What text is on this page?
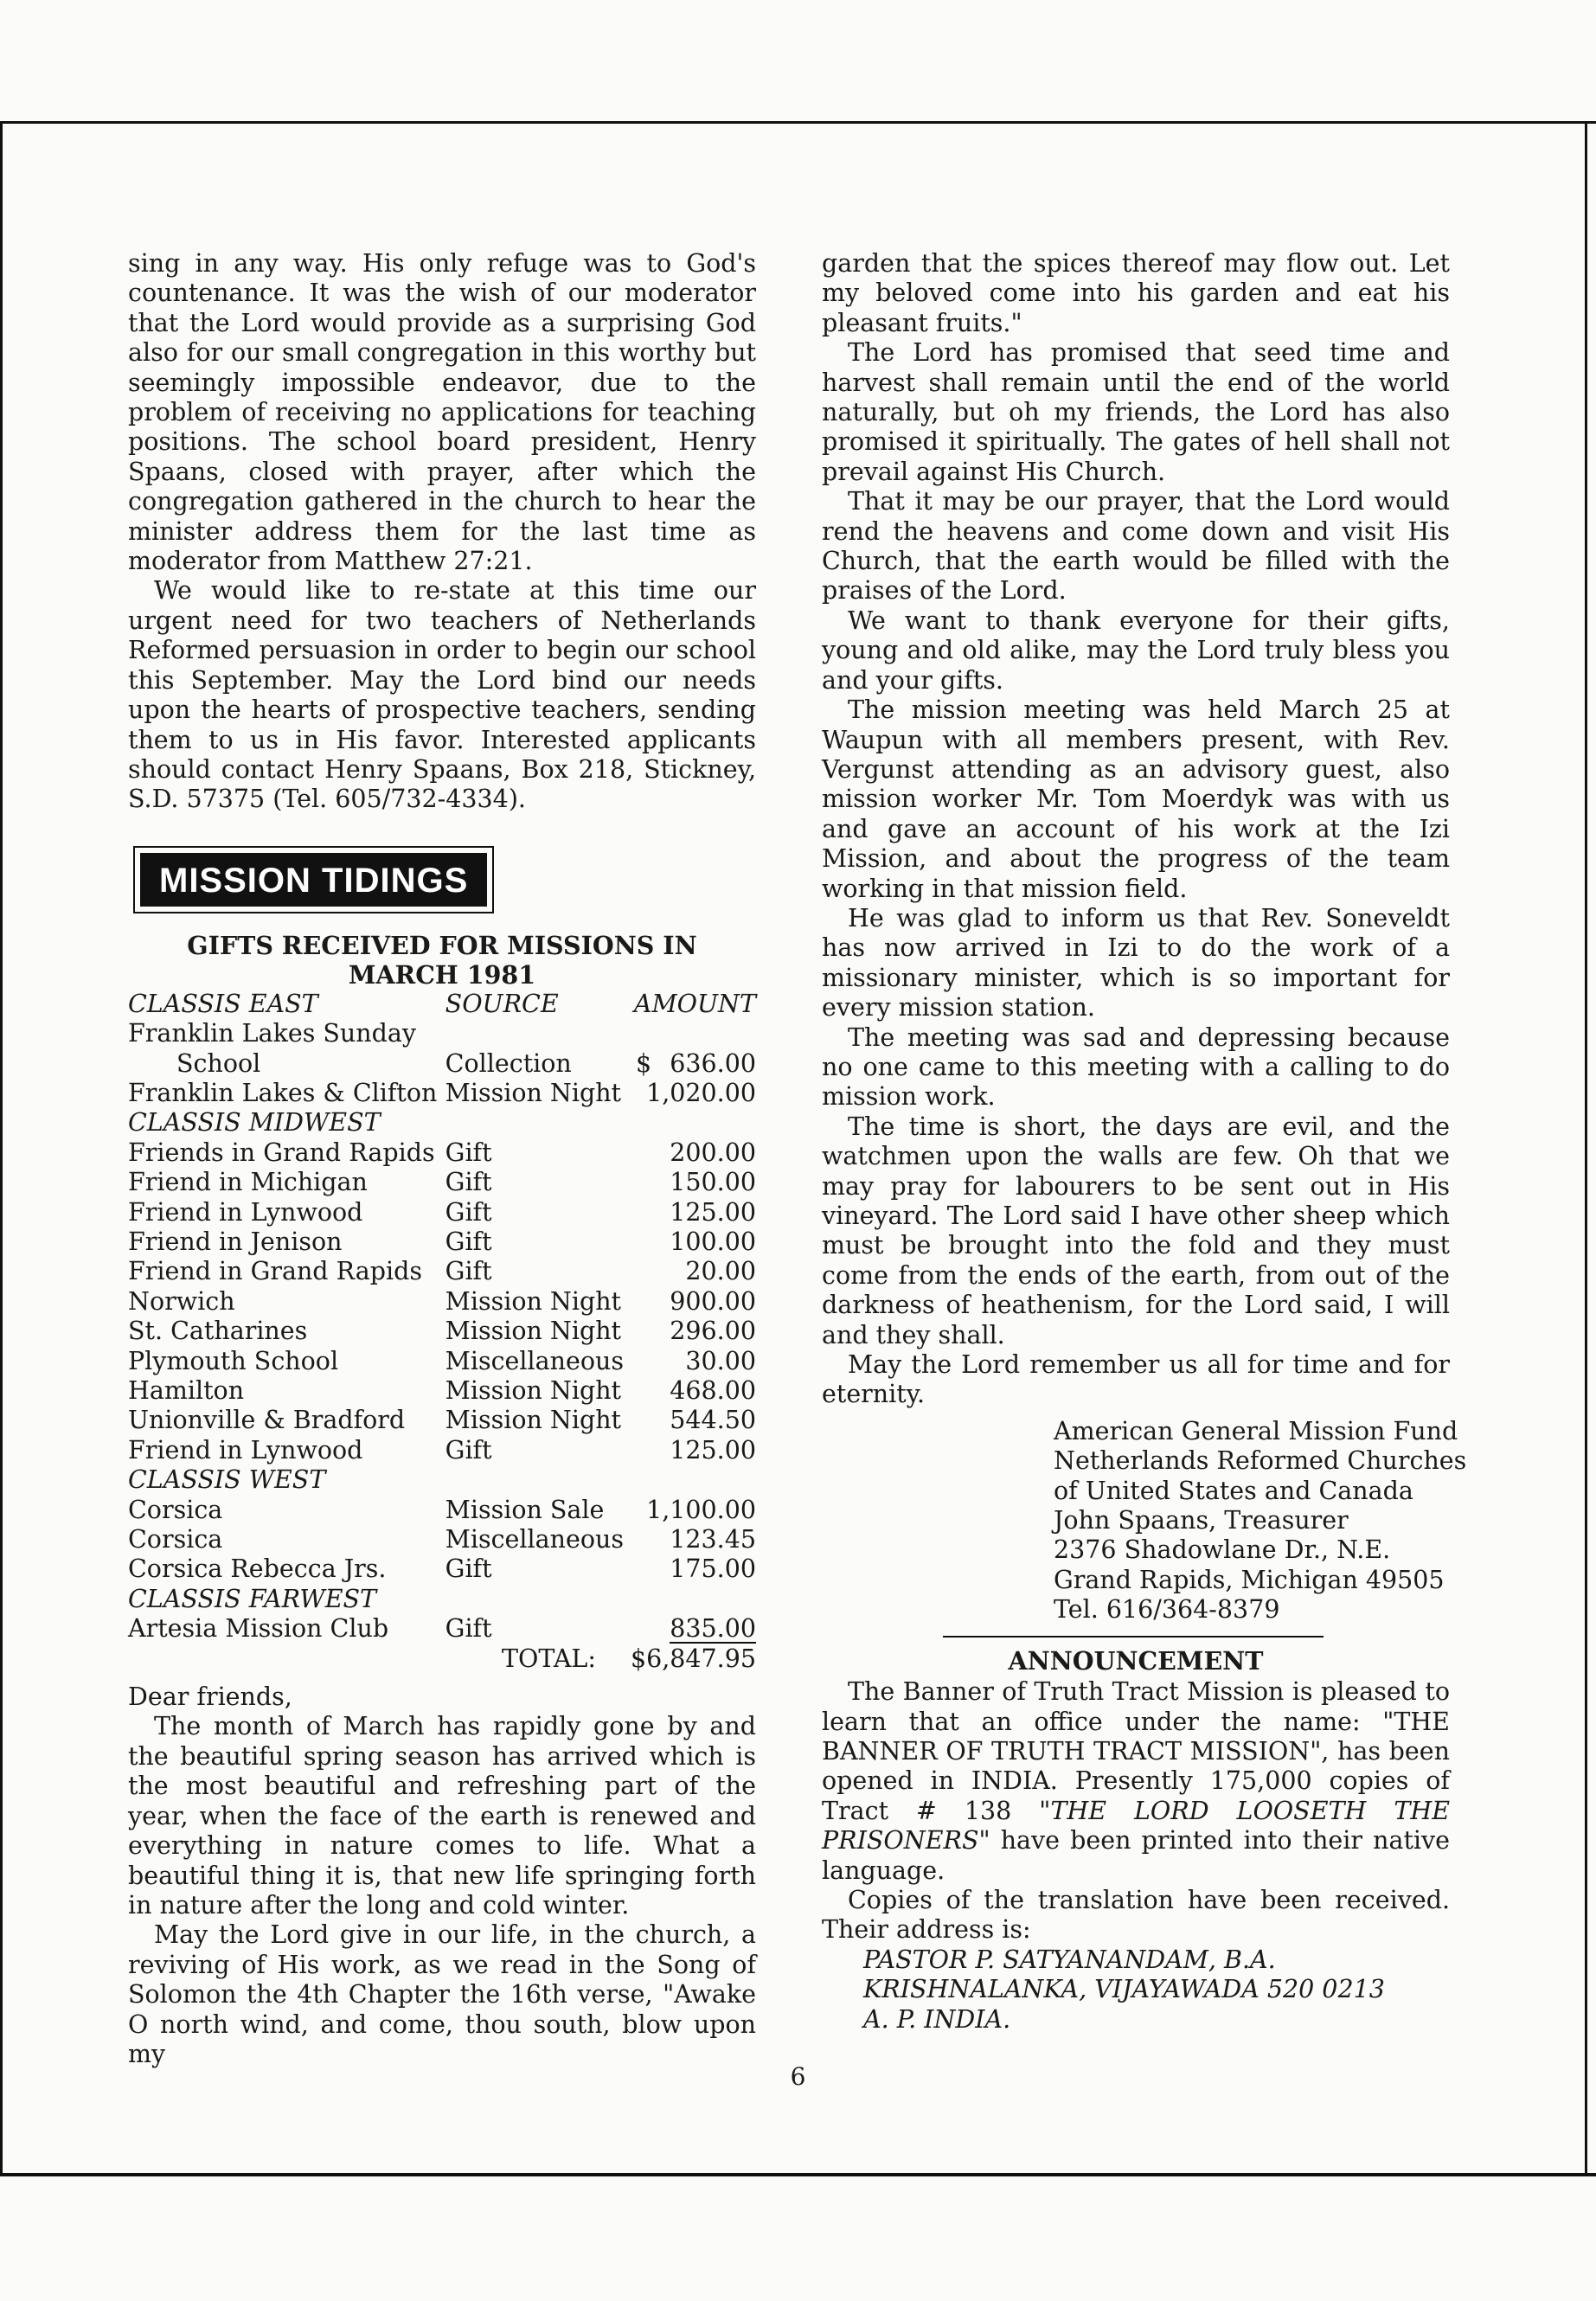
sing in any way. His only refuge was to God's countenance. It was the wish of our moderator that the Lord would provide as a surprising God also for our small congregation in this worthy but seemingly impossible endeavor, due to the problem of receiving no applications for teaching positions. The school board president, Henry Spaans, closed with prayer, after which the congregation gathered in the church to hear the minister address them for the last time as moderator from Matthew 27:21.

We would like to re-state at this time our urgent need for two teachers of Netherlands Reformed persuasion in order to begin our school this September. May the Lord bind our needs upon the hearts of prospective teachers, sending them to us in His favor. Interested applicants should contact Henry Spaans, Box 218, Stickney, S.D. 57375 (Tel. 605/732-4334).

MISSION TIDINGS
GIFTS RECEIVED FOR MISSIONS IN MARCH 1981
CLASSIS EAST	SOURCE	AMOUNT
Franklin Lakes Sunday		
School	Collection	$ 636.00
Franklin Lakes & Clifton	Mission Night	1,020.00
CLASSIS MIDWEST		
Friends in Grand Rapids	Gift	200.00
Friend in Michigan	Gift	150.00
Friend in Lynwood	Gift	125.00
Friend in Jenison	Gift	100.00
Friend in Grand Rapids	Gift	20.00
Norwich	Mission Night	900.00
St. Catharines	Mission Night	296.00
Plymouth School	Miscellaneous	30.00
Hamilton	Mission Night	468.00
Unionville & Bradford	Mission Night	544.50
Friend in Lynwood	Gift	125.00
CLASSIS WEST		
Corsica	Mission Sale	1,100.00
Corsica	Miscellaneous	123.45
Corsica Rebecca Jrs.	Gift	175.00
CLASSIS FARWEST		
Artesia Mission Club	Gift	835.00
	TOTAL:	$6,847.95

Dear friends,

The month of March has rapidly gone by and the beautiful spring season has arrived which is the most beautiful and refreshing part of the year, when the face of the earth is renewed and everything in nature comes to life. What a beautiful thing it is, that new life springing forth in nature after the long and cold winter.

May the Lord give in our life, in the church, a reviving of His work, as we read in the Song of Solomon the 4th Chapter the 16th verse, "Awake O north wind, and come, thou south, blow upon my

garden that the spices thereof may flow out. Let my beloved come into his garden and eat his pleasant fruits."

The Lord has promised that seed time and harvest shall remain until the end of the world naturally, but oh my friends, the Lord has also promised it spiritually. The gates of hell shall not prevail against His Church.

That it may be our prayer, that the Lord would rend the heavens and come down and visit His Church, that the earth would be filled with the praises of the Lord.

We want to thank everyone for their gifts, young and old alike, may the Lord truly bless you and your gifts.

The mission meeting was held March 25 at Waupun with all members present, with Rev. Vergunst attending as an advisory guest, also mission worker Mr. Tom Moerdyk was with us and gave an account of his work at the Izi Mission, and about the progress of the team working in that mission field.

He was glad to inform us that Rev. Soneveldt has now arrived in Izi to do the work of a missionary minister, which is so important for every mission station.

The meeting was sad and depressing because no one came to this meeting with a calling to do mission work.

The time is short, the days are evil, and the watchmen upon the walls are few. Oh that we may pray for labourers to be sent out in His vineyard. The Lord said I have other sheep which must be brought into the fold and they must come from the ends of the earth, from out of the darkness of heathenism, for the Lord said, I will and they shall.

May the Lord remember us all for time and for eternity.

American General Mission Fund
Netherlands Reformed Churches
of United States and Canada
John Spaans, Treasurer
2376 Shadowlane Dr., N.E.
Grand Rapids, Michigan 49505
Tel. 616/364-8379
ANNOUNCEMENT

The Banner of Truth Tract Mission is pleased to learn that an office under the name: "THE BANNER OF TRUTH TRACT MISSION", has been opened in INDIA. Presently 175,000 copies of Tract # 138 "THE LORD LOOSETH THE PRISONERS" have been printed into their native language.

Copies of the translation have been received. Their address is:

PASTOR P. SATYANANDAM, B.A.
KRISHNALANKA, VIJAYAWADA 520 0213
A. P. INDIA.
6
